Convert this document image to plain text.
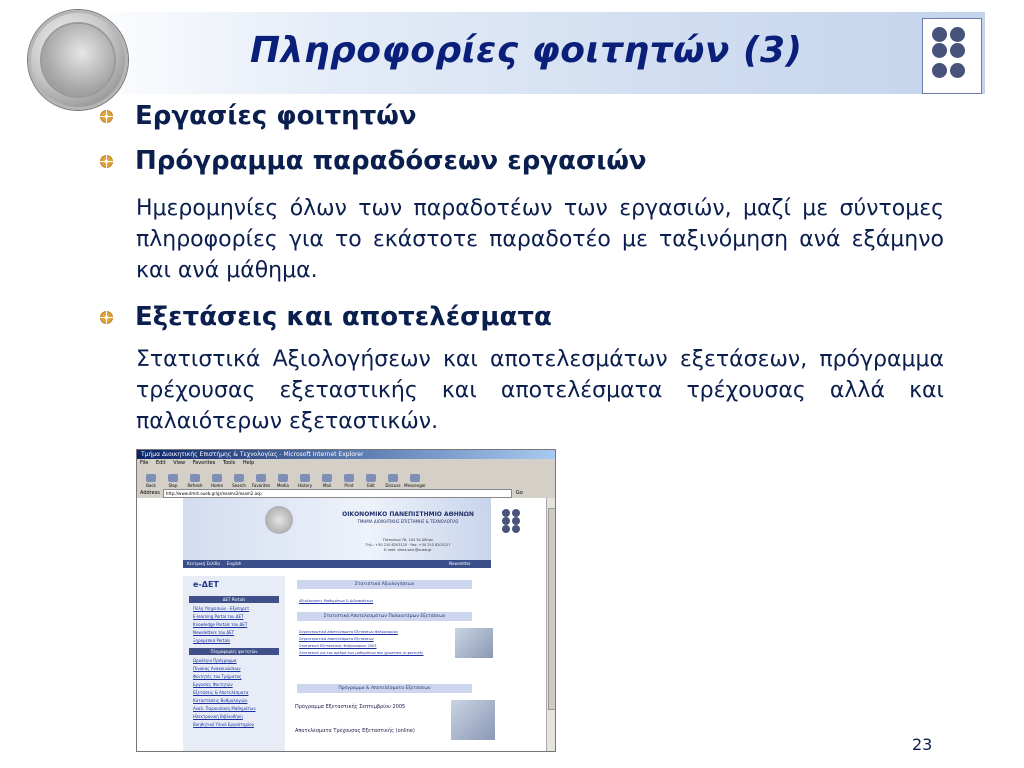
Πληροφορίες φοιτητών (3)
Εργασίες φοιτητών
Πρόγραμμα παραδόσεων εργασιών
Ημερομηνίες όλων των παραδοτέων των εργασιών, μαζί με σύντομες πληροφορίες για το εκάστοτε παραδοτέο με ταξινόμηση ανά εξάμηνο και ανά μάθημα.
Εξετάσεις και αποτελέσματα
Στατιστικά Αξιολογήσεων και αποτελεσμάτων εξετάσεων, πρόγραμμα τρέχουσας εξεταστικής και αποτελέσματα τρέχουσας αλλά και παλαιότερων εξεταστικών.
Τμήμα Διοικητικής Επιστήμης & Τεχνολογίας - Microsoft Internet Explorer
File Edit View Favorites Tools Help
Back	Stop	Refresh	Home	Search	Favorites	Media	History	Mail	Print	Edit	Discuss Messenger
Address	http://www.dmst.aueb.gr/gr/exams2/exam2.asp	Go
ΟΙΚΟΝΟΜΙΚΟ ΠΑΝΕΠΙΣΤΗΜΙΟ ΑΘΗΝΩΝ
ΤΜΗΜΑ ΔΙΟΙΚΗΤΙΚΗΣ ΕΠΙΣΤΗΜΗΣ & ΤΕΧΝΟΛΟΓΙΑΣ
Πατησίων 76, 104 34 Αθήνα
Τηλ.: +30 210 8203120 · Fax: +30 210 8203127
E-mail: dmst-secr@aueb.gr
Κεντρική Σελίδα English	Newsletter
e-ΔΕΤ
ΔΕΤ Portals
Πύλη Υπηρεσιών - Εξυπηρετ
E-learning Portal του ΔΕΤ
Knowledge Portals του ΔΕΤ
Newsletters του ΔΕΤ
Ξηρομεσκά Portals
Πληροφορίες φοιτητών
Ωρολόγιο Πρόγραμμα
Πίνακας Ανακοινώσεων
Φοιτητές του Τμήματος
Εργασίες Φοιτητών
Εξετάσεις & Αποτελέσματα
Καταστάσεις Βαθμολογιών
Αναλ. Παρουσίαση Μαθημάτων
Ηλεκτρονική Βιβλιοθήκη
Βοηθητικό Υλικό Εργαστηρίου
Στατιστικά Αξιολογήσεων
Αξιολογήσεις Μαθημάτων & Διδασκόντων
Στατιστικά Αποτελεσμάτων Παλαιοτέρων Εξετάσεων
Συγκεντρωτικά Αποτελέσματα Εξετάσεων Φεβρουαρίου
Συγκεντρωτικά Αποτελέσματα Εξετάσεων
Στατιστικά Εξεταστικής Φεβρουαρίου 2003
Στατιστικά για τον αριθμό των μαθημάτων που χρωστάνε οι φοιτητές
Πρόγραμμα & Αποτελέσματα Εξετάσεων
Πρόγραμμα Εξεταστικής Σεπτεμβρίου 2005
Αποτελέσματα Τρέχουσας Εξεταστικής (online)
23
